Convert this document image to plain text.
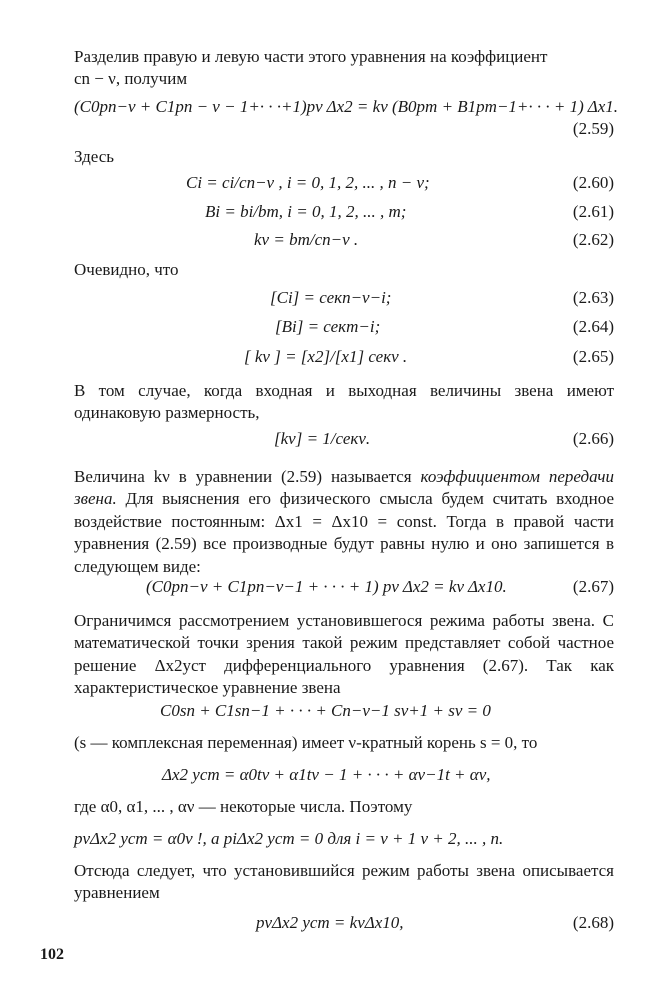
Разделив правую и левую части этого уравнения на коэффициент
cn − ν, получим
(C0pn−ν + C1pn − ν − 1+· · ·+1)pν Δx2 = kν (B0pm + B1pm−1+· · · + 1) Δx1.
(2.59)
Здесь
Ci = ci/cn−ν , i = 0, 1, 2, ... , n − ν;	(2.60)
Bi = bi/bm, i = 0, 1, 2, ... , m;	(2.61)
kν = bm/cn−ν .	(2.62)
Очевидно, что
[Ci] = секn−ν−i;	(2.63)
[Bi] = секm−i;	(2.64)
[ kν ] = [x2]/[x1] секν .	(2.65)
В том случае, когда входная и выходная величины звена имеют одинаковую размерность,
[kν] = 1/секν.	(2.66)
Величина kν в уравнении (2.59) называется коэффициентом передачи звена. Для выяснения его физического смысла будем считать входное воздействие постоянным: Δx1 = Δx10 = const. Тогда в правой части уравнения (2.59) все производные будут равны нулю и оно запишется в следующем виде:
(C0pn−ν + C1pn−ν−1 + · · · + 1) pν Δx2 = kν Δx10.	(2.67)
Ограничимся рассмотрением установившегося режима работы звена. С математической точки зрения такой режим представляет собой частное решение Δx2уст дифференциального уравнения (2.67). Так как характеристическое уравнение звена
C0sn + C1sn−1 + · · · + Cn−ν−1 sν+1 + sν = 0
(s — комплексная переменная) имеет ν-кратный корень s = 0, то
Δx2 уст = α0tν + α1tν − 1 + · · · + αν−1t + αν,
где α0, α1, ... , αν — некоторые числа. Поэтому
pνΔx2 уст = α0ν !, а piΔx2 уст = 0 для i = ν + 1 ν + 2, ... , n.
Отсюда следует, что установившийся режим работы звена описывается уравнением
pνΔx2 уст = kνΔx10,	(2.68)
102
